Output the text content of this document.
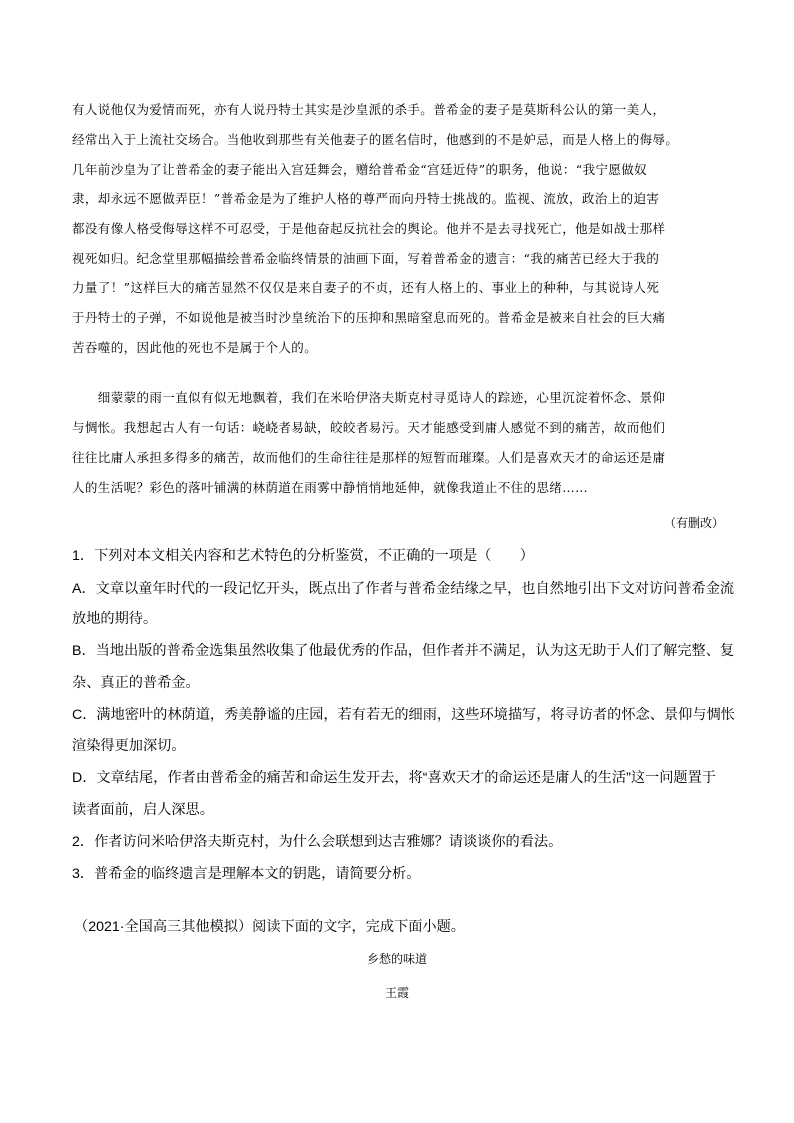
有人说他仅为爱情而死，亦有人说丹特士其实是沙皇派的杀手。普希金的妻子是莫斯科公认的第一美人，
经常出入于上流社交场合。当他收到那些有关他妻子的匿名信时，他感到的不是妒忌，而是人格上的侮辱。
几年前沙皇为了让普希金的妻子能出入宫廷舞会，赠给普希金“宫廷近侍”的职务，他说：“我宁愿做奴
隶，却永远不愿做弄臣！”普希金是为了维护人格的尊严而向丹特士挑战的。监视、流放，政治上的迫害
都没有像人格受侮辱这样不可忍受，于是他奋起反抗社会的舆论。他并不是去寻找死亡，他是如战士那样
视死如归。纪念堂里那幅描绘普希金临终情景的油画下面，写着普希金的遗言：“我的痛苦已经大于我的
力量了！”这样巨大的痛苦显然不仅仅是来自妻子的不贞，还有人格上的、事业上的种种，与其说诗人死
于丹特士的子弹，不如说他是被当时沙皇统治下的压抑和黑暗窒息而死的。普希金是被来自社会的巨大痛
苦吞噬的，因此他的死也不是属于个人的。
　　细蒙蒙的雨一直似有似无地飘着，我们在米哈伊洛夫斯克村寻觅诗人的踪迹，心里沉淀着怀念、景仰
与惆怅。我想起古人有一句话：峣峣者易缺，皎皎者易污。天才能感受到庸人感觉不到的痛苦，故而他们
往往比庸人承担多得多的痛苦，故而他们的生命往往是那样的短暂而璀璨。人们是喜欢天才的命运还是庸
人的生活呢？彩色的落叶铺满的林荫道在雨雾中静悄悄地延伸，就像我道止不住的思绪……
（有删改）
1．下列对本文相关内容和艺术特色的分析鉴赏，不正确的一项是（　　）
A．文章以童年时代的一段记忆开头，既点出了作者与普希金结缘之早，也自然地引出下文对访问普希金流
放地的期待。
B．当地出版的普希金选集虽然收集了他最优秀的作品，但作者并不满足，认为这无助于人们了解完整、复
杂、真正的普希金。
C．满地密叶的林荫道，秀美静谧的庄园，若有若无的细雨，这些环境描写，将寻访者的怀念、景仰与惆怅
渲染得更加深切。
D．文章结尾，作者由普希金的痛苦和命运生发开去，将“喜欢天才的命运还是庸人的生活”这一问题置于
读者面前，启人深思。
2．作者访问米哈伊洛夫斯克村，为什么会联想到达吉雅娜？请谈谈你的看法。
3．普希金的临终遗言是理解本文的钥匙，请简要分析。
（2021·全国高三其他模拟）阅读下面的文字，完成下面小题。
乡愁的味道
王霞
